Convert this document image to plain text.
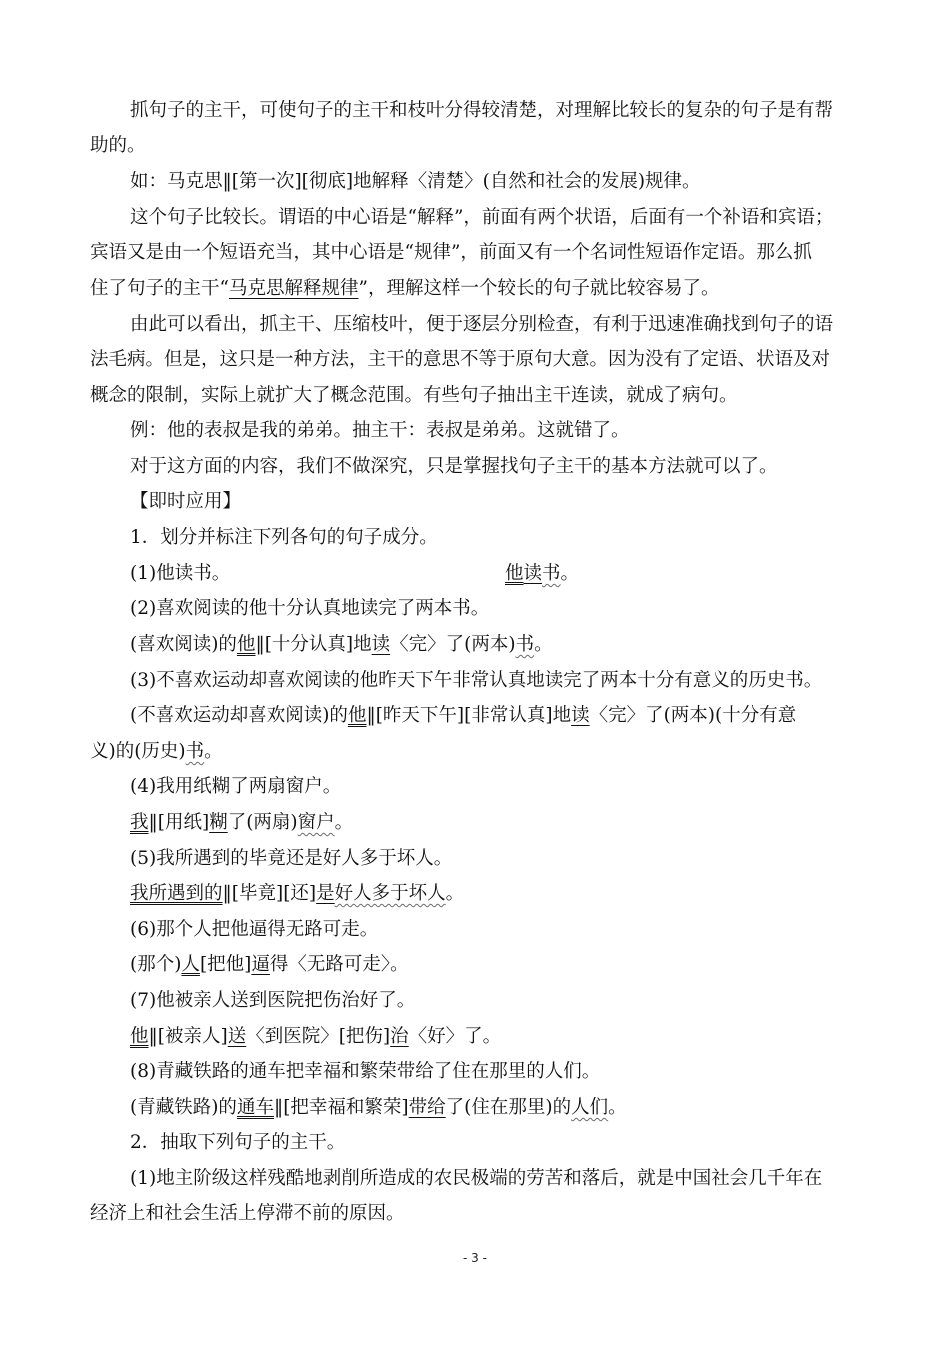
抓句子的主干，可使句子的主干和枝叶分得较清楚，对理解比较长的复杂的句子是有帮
助的。
如：马克思‖[第一次][彻底]地解释〈清楚〉(自然和社会的发展)规律。
这个句子比较长。谓语的中心语是“解释”，前面有两个状语，后面有一个补语和宾语；
宾语又是由一个短语充当，其中心语是“规律”，前面又有一个名词性短语作定语。那么抓
住了句子的主干“马克思解释规律”，理解这样一个较长的句子就比较容易了。
由此可以看出，抓主干、压缩枝叶，便于逐层分别检查，有利于迅速准确找到句子的语
法毛病。但是，这只是一种方法，主干的意思不等于原句大意。因为没有了定语、状语及对
概念的限制，实际上就扩大了概念范围。有些句子抽出主干连读，就成了病句。
例：他的表叔是我的弟弟。抽主干：表叔是弟弟。这就错了。
对于这方面的内容，我们不做深究，只是掌握找句子主干的基本方法就可以了。
【即时应用】
1．划分并标注下列各句的句子成分。
(1)他读书。	他读书。
(2)喜欢阅读的他十分认真地读完了两本书。
(喜欢阅读)的他‖[十分认真]地读〈完〉了(两本)书。
(3)不喜欢运动却喜欢阅读的他昨天下午非常认真地读完了两本十分有意义的历史书。
(不喜欢运动却喜欢阅读)的他‖[昨天下午][非常认真]地读〈完〉了(两本)(十分有意
义)的(历史)书。
(4)我用纸糊了两扇窗户。
我‖[用纸]糊了(两扇)窗户。
(5)我所遇到的毕竟还是好人多于坏人。
我所遇到的‖[毕竟][还]是好人多于坏人。
(6)那个人把他逼得无路可走。
(那个)人[把他]逼得〈无路可走〉。
(7)他被亲人送到医院把伤治好了。
他‖[被亲人]送〈到医院〉[把伤]治〈好〉了。
(8)青藏铁路的通车把幸福和繁荣带给了住在那里的人们。
(青藏铁路)的通车‖[把幸福和繁荣]带给了(住在那里)的人们。
2．抽取下列句子的主干。
(1)地主阶级这样残酷地剥削所造成的农民极端的劳苦和落后，就是中国社会几千年在
经济上和社会生活上停滞不前的原因。
- 3 -
